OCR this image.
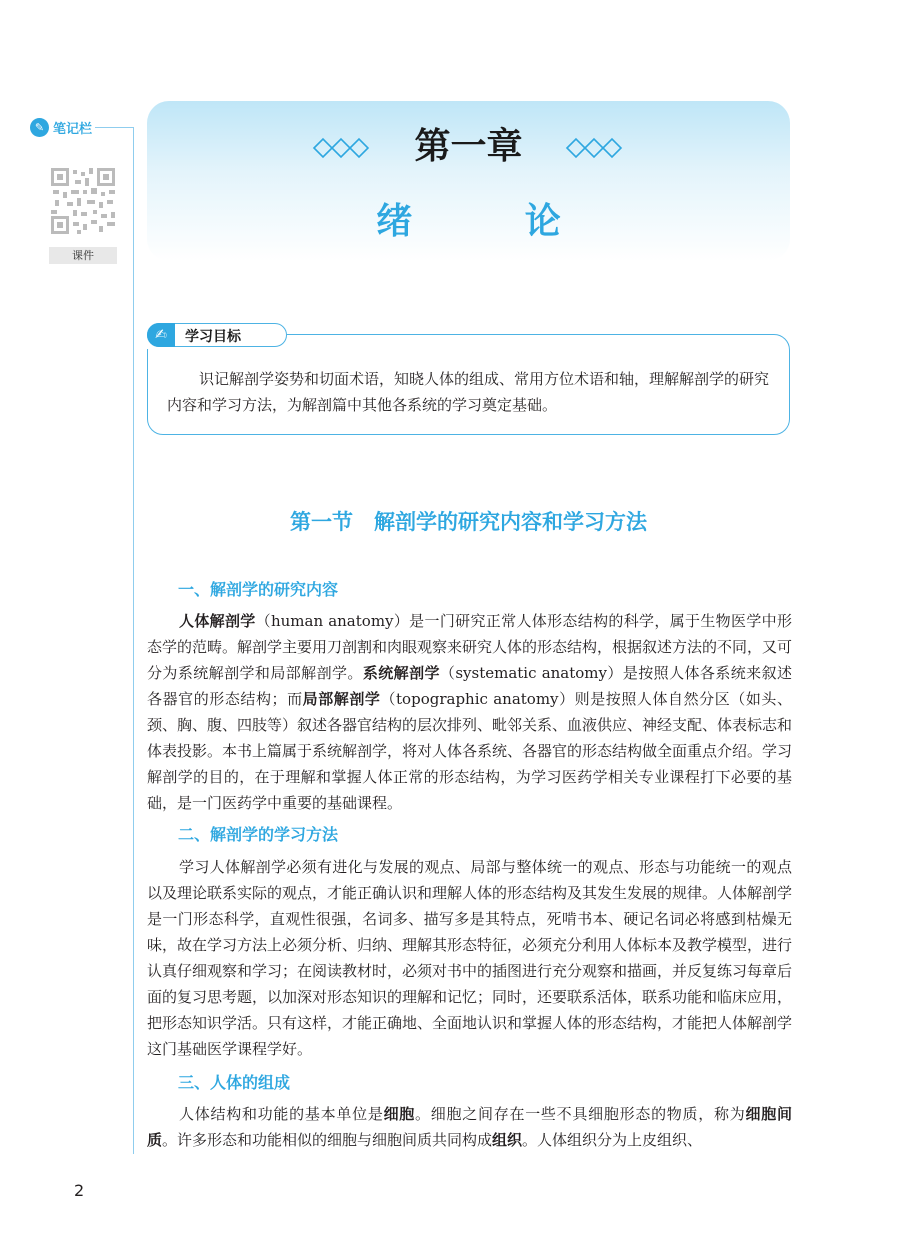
✎ 笔记栏
课件
第一章
绪 论
✍	学习目标
识记解剖学姿势和切面术语，知晓人体的组成、常用方位术语和轴，理解解剖学的研究内容和学习方法，为解剖篇中其他各系统的学习奠定基础。
第一节　解剖学的研究内容和学习方法
一、解剖学的研究内容

人体解剖学（human anatomy）是一门研究正常人体形态结构的科学，属于生物医学中形态学的范畴。解剖学主要用刀剖割和肉眼观察来研究人体的形态结构，根据叙述方法的不同，又可分为系统解剖学和局部解剖学。系统解剖学（systematic anatomy）是按照人体各系统来叙述各器官的形态结构；而局部解剖学（topographic anatomy）则是按照人体自然分区（如头、颈、胸、腹、四肢等）叙述各器官结构的层次排列、毗邻关系、血液供应、神经支配、体表标志和体表投影。本书上篇属于系统解剖学，将对人体各系统、各器官的形态结构做全面重点介绍。学习解剖学的目的，在于理解和掌握人体正常的形态结构，为学习医药学相关专业课程打下必要的基础，是一门医药学中重要的基础课程。

二、解剖学的学习方法

学习人体解剖学必须有进化与发展的观点、局部与整体统一的观点、形态与功能统一的观点以及理论联系实际的观点，才能正确认识和理解人体的形态结构及其发生发展的规律。人体解剖学是一门形态科学，直观性很强，名词多、描写多是其特点，死啃书本、硬记名词必将感到枯燥无味，故在学习方法上必须分析、归纳、理解其形态特征，必须充分利用人体标本及教学模型，进行认真仔细观察和学习；在阅读教材时，必须对书中的插图进行充分观察和描画，并反复练习每章后面的复习思考题，以加深对形态知识的理解和记忆；同时，还要联系活体，联系功能和临床应用，把形态知识学活。只有这样，才能正确地、全面地认识和掌握人体的形态结构，才能把人体解剖学这门基础医学课程学好。

三、人体的组成

人体结构和功能的基本单位是细胞。细胞之间存在一些不具细胞形态的物质，称为细胞间质。许多形态和功能相似的细胞与细胞间质共同构成组织。人体组织分为上皮组织、

2
